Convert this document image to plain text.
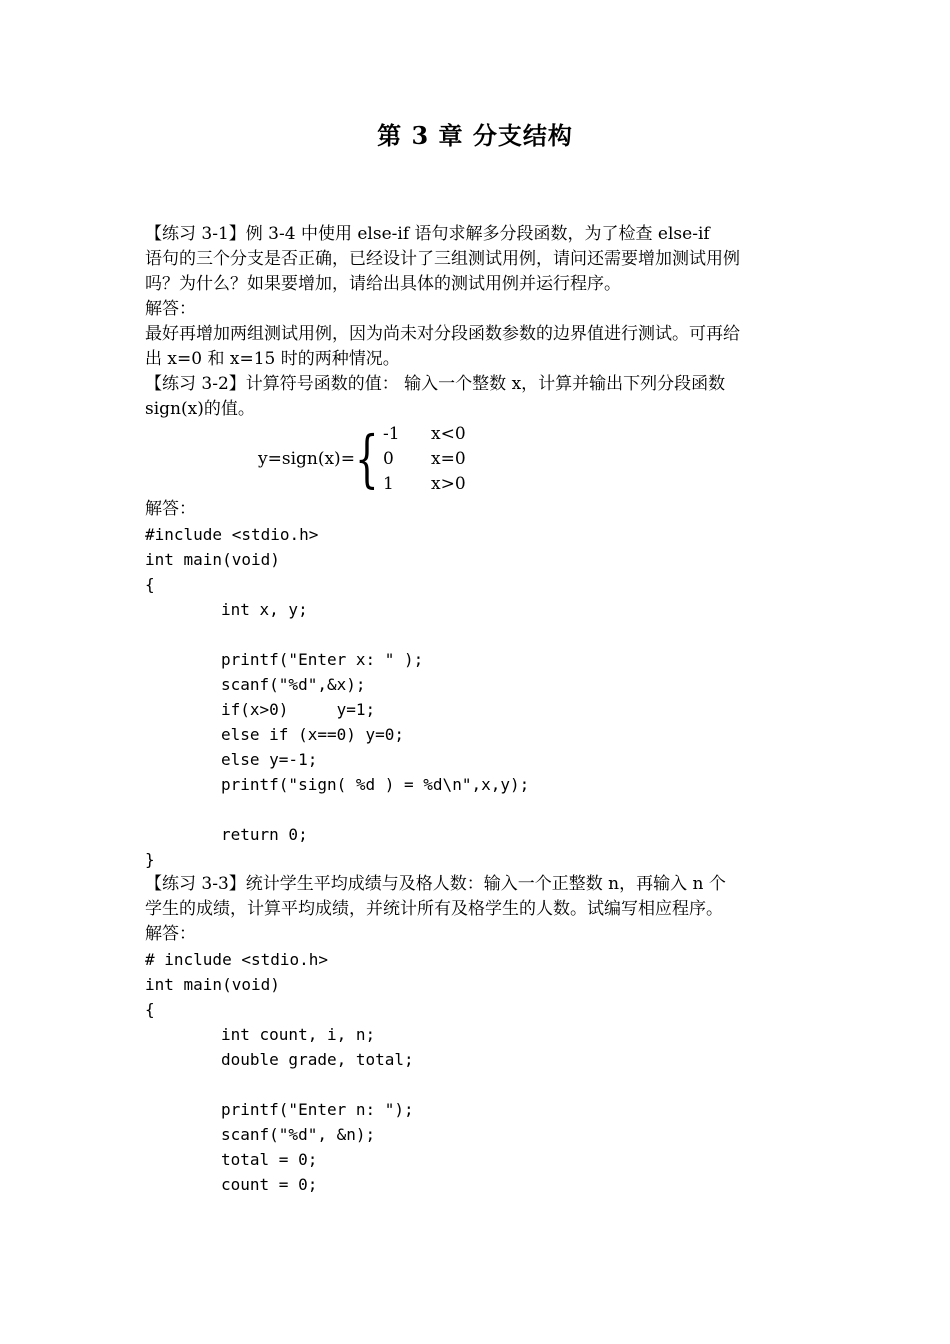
第 3 章 分支结构
【练习 3-1】例 3-4 中使用 else-if 语句求解多分段函数，为了检查 else-if
语句的三个分支是否正确，已经设计了三组测试用例，请问还需要增加测试用例
吗？为什么？如果要增加，请给出具体的测试用例并运行程序。
解答：
最好再增加两组测试用例，因为尚未对分段函数参数的边界值进行测试。可再给
出 x=0 和 x=15 时的两种情况。
【练习 3-2】计算符号函数的值： 输入一个整数 x，计算并输出下列分段函数
sign(x)的值。
y=sign(x)= { -1 x<0
0 x=0
1 x>0
解答：
#include <stdio.h>
int main(void)
{
int x, y;
printf("Enter x: " );
scanf("%d",&x);
if(x>0)     y=1;
else if (x==0) y=0;
else y=-1;
printf("sign( %d ) = %d\n",x,y);
return 0;
}
【练习 3-3】统计学生平均成绩与及格人数：输入一个正整数 n，再输入 n 个
学生的成绩，计算平均成绩，并统计所有及格学生的人数。试编写相应程序。
解答：
# include <stdio.h>
int main(void)
{
int count, i, n;
double grade, total;
printf("Enter n: ");
scanf("%d", &n);
total = 0;
count = 0;
